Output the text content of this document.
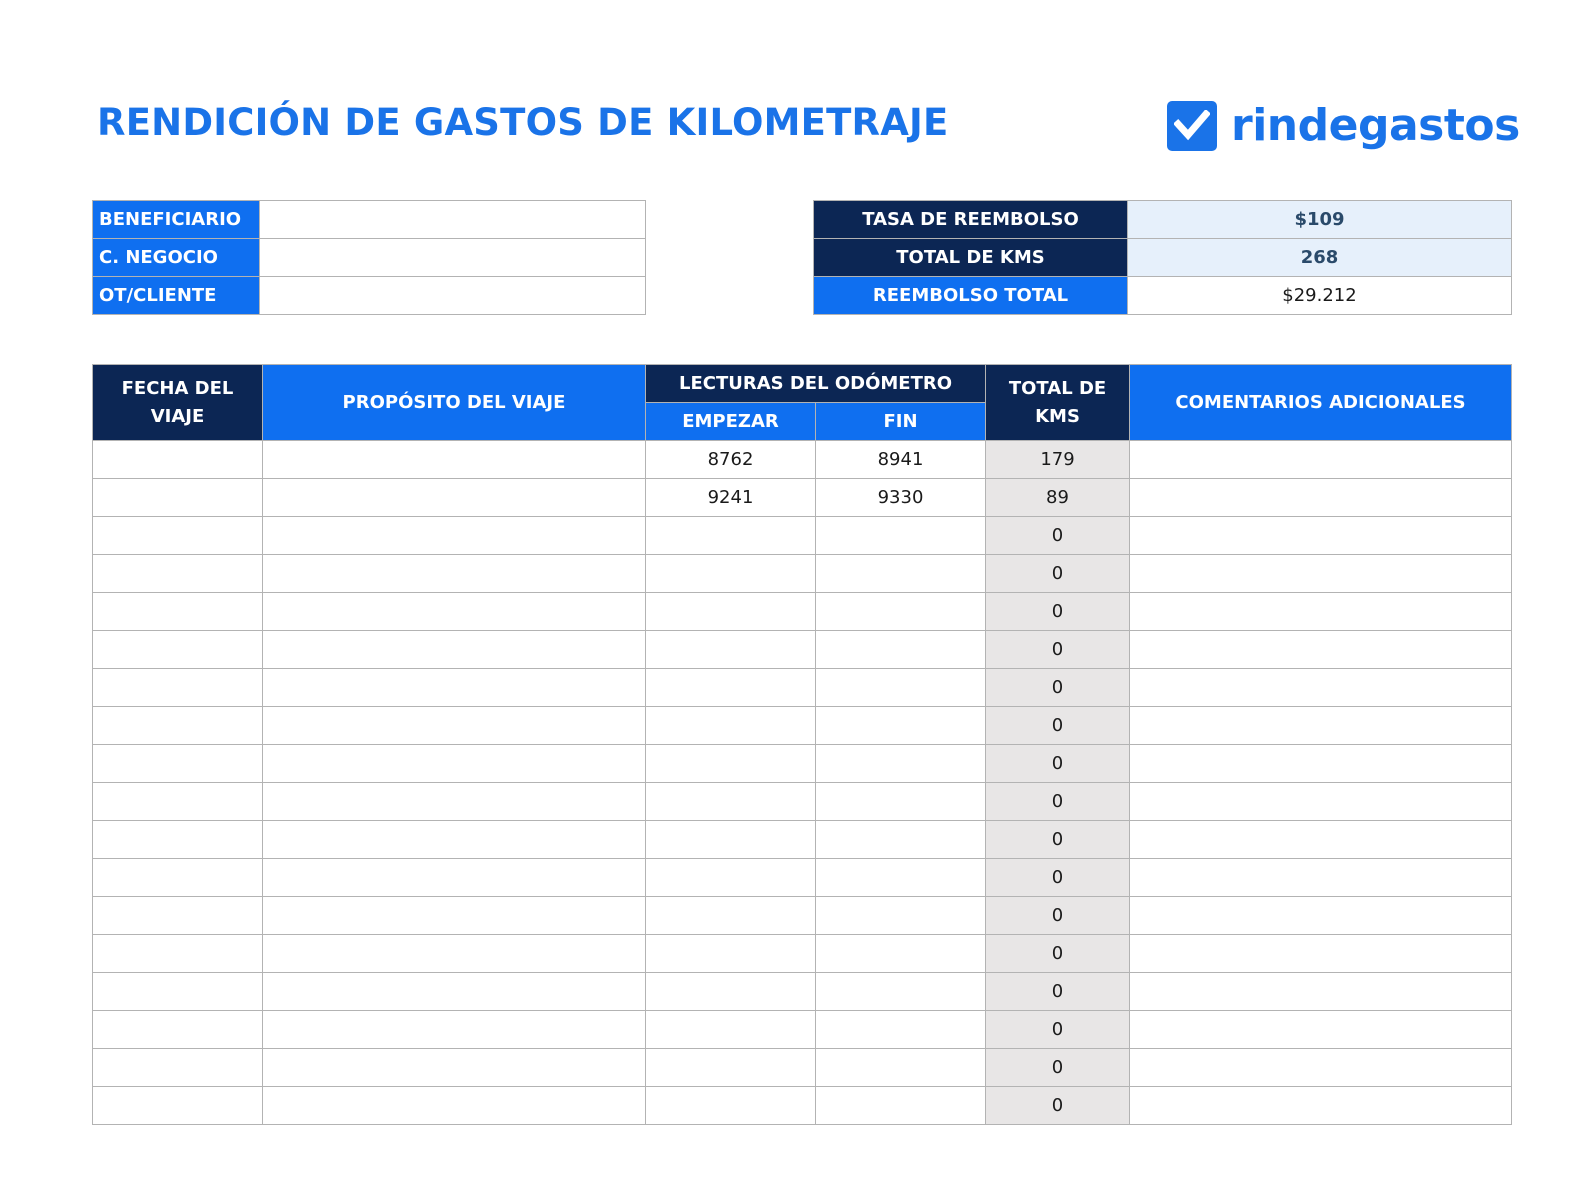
RENDICIÓN DE GASTOS DE KILOMETRAJE	rindegastos
BENEFICIARIO	
C. NEGOCIO	
OT/CLIENTE	
TASA DE REEMBOLSO	$109
TOTAL DE KMS	268
REEMBOLSO TOTAL	$29.212
FECHA DEL VIAJE	PROPÓSITO DEL VIAJE	LECTURAS DEL ODÓMETRO		TOTAL DE KMS	COMENTARIOS ADICIONALES
		EMPEZAR	FIN		
		8762	8941	179	
		9241	9330	89	
				0	
				0	
				0	
				0	
				0	
				0	
				0	
				0	
				0	
				0	
				0	
				0	
				0	
				0	
				0	
				0	
